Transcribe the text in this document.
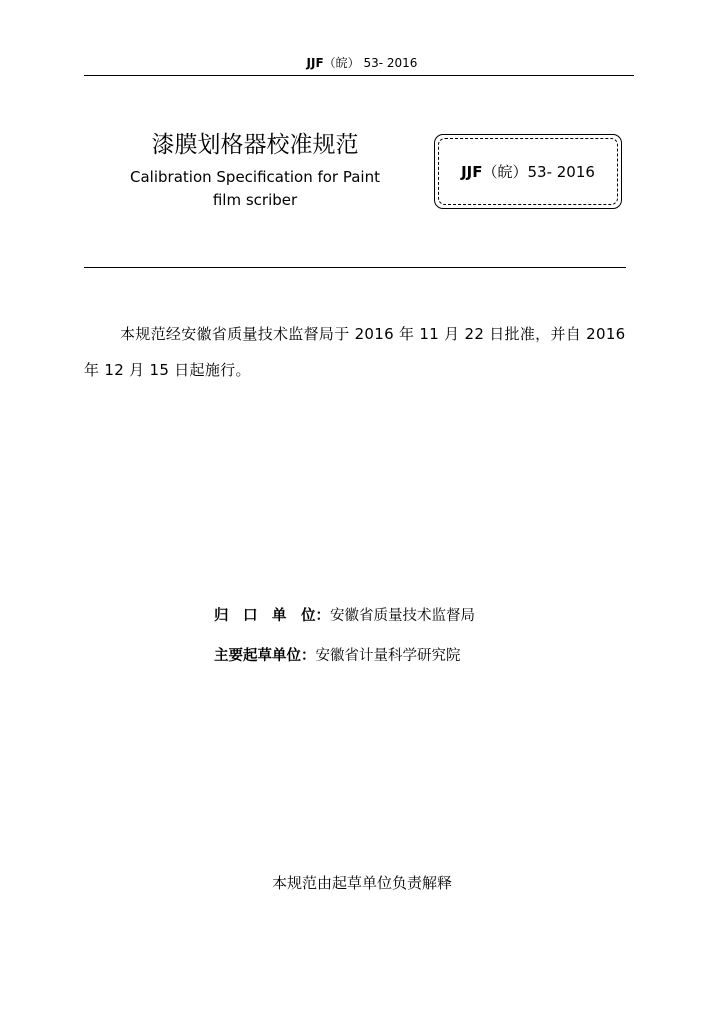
JJF（皖） 53- 2016
漆膜划格器校准规范
Calibration Specification for Paint
film scriber
JJF（皖）53- 2016
本规范经安徽省质量技术监督局于 2016 年 11 月 22 日批准，并自 2016 年 12 月 15 日起施行。
归　口　单　位：安徽省质量技术监督局
主要起草单位：安徽省计量科学研究院
本规范由起草单位负责解释
